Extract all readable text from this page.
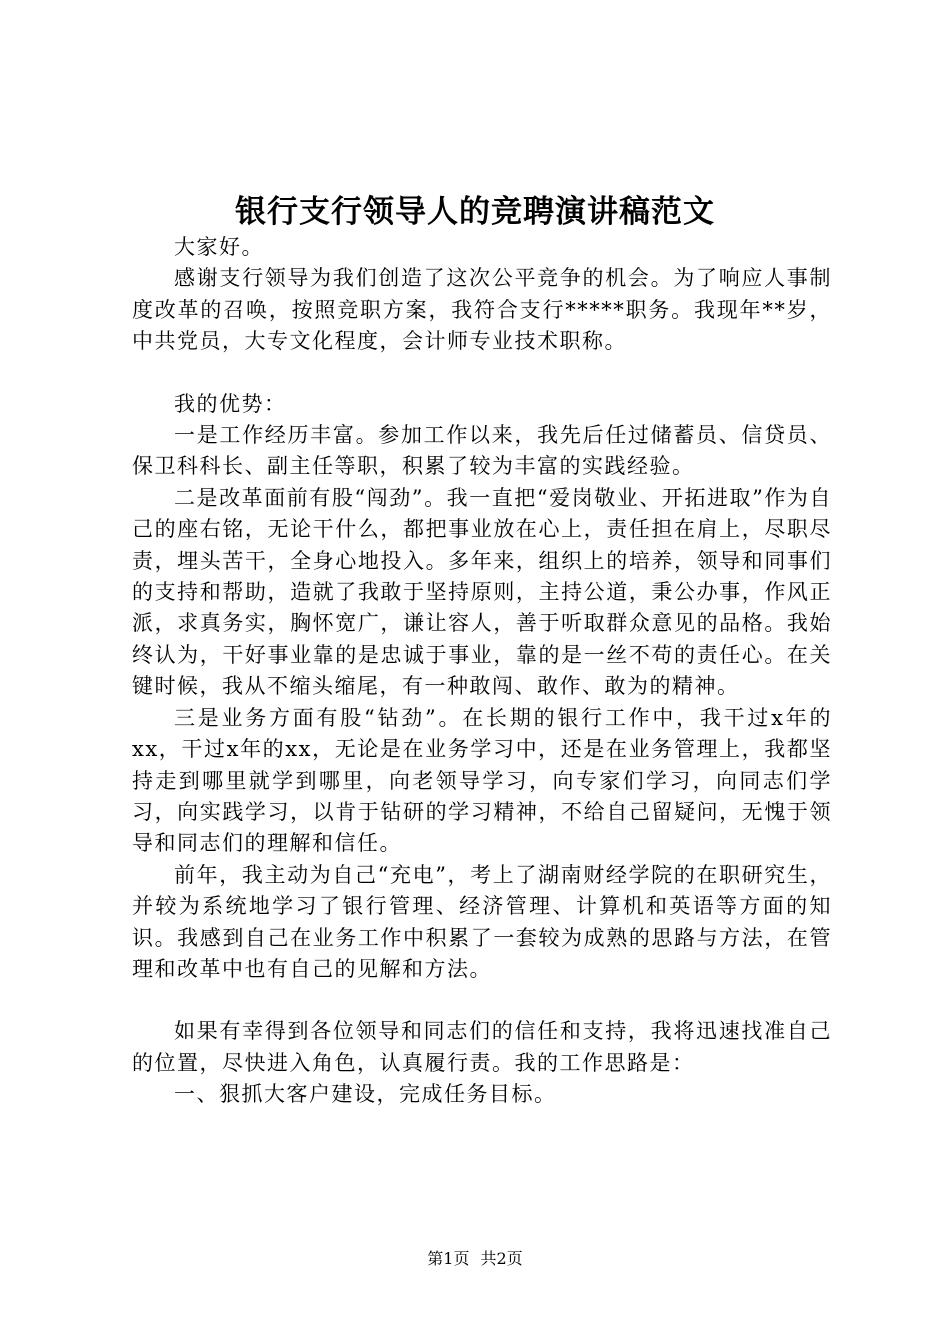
银行支行领导人的竞聘演讲稿范文

大家好。

感谢支行领导为我们创造了这次公平竞争的机会。为了响应人事制度改革的召唤，按照竞职方案，我符合支行*****职务。我现年**岁，中共党员，大专文化程度，会计师专业技术职称。

我的优势：

一是工作经历丰富。参加工作以来，我先后任过储蓄员、信贷员、保卫科科长、副主任等职，积累了较为丰富的实践经验。

二是改革面前有股“闯劲”。我一直把“爱岗敬业、开拓进取”作为自己的座右铭，无论干什么，都把事业放在心上，责任担在肩上，尽职尽责，埋头苦干，全身心地投入。多年来，组织上的培养，领导和同事们的支持和帮助，造就了我敢于坚持原则，主持公道，秉公办事，作风正派，求真务实，胸怀宽广，谦让容人，善于听取群众意见的品格。我始终认为，干好事业靠的是忠诚于事业，靠的是一丝不苟的责任心。在关键时候，我从不缩头缩尾，有一种敢闯、敢作、敢为的精神。

三是业务方面有股“钻劲”。在长期的银行工作中，我干过x年的xx，干过x年的xx，无论是在业务学习中，还是在业务管理上，我都坚持走到哪里就学到哪里，向老领导学习，向专家们学习，向同志们学习，向实践学习，以肯于钻研的学习精神，不给自己留疑问，无愧于领导和同志们的理解和信任。

前年，我主动为自己“充电”，考上了湖南财经学院的在职研究生，并较为系统地学习了银行管理、经济管理、计算机和英语等方面的知识。我感到自己在业务工作中积累了一套较为成熟的思路与方法，在管理和改革中也有自己的见解和方法。

如果有幸得到各位领导和同志们的信任和支持，我将迅速找准自己的位置，尽快进入角色，认真履行责。我的工作思路是：

一、狠抓大客户建设，完成任务目标。

第1页 共2页
